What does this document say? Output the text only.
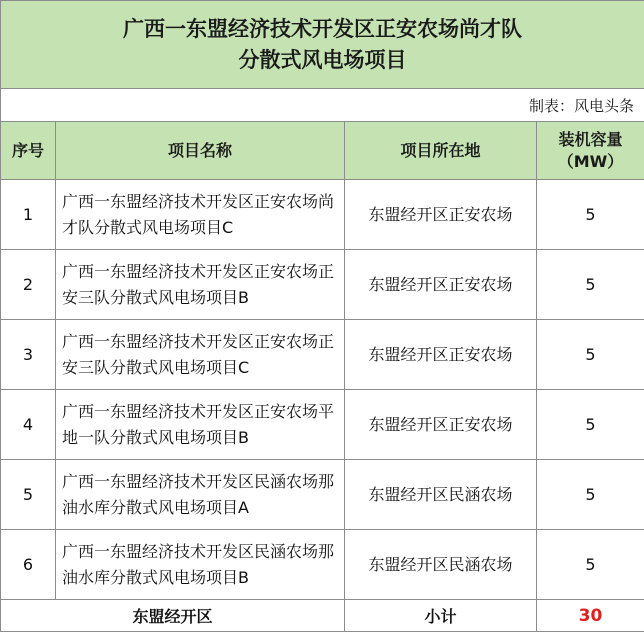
广西一东盟经济技术开发区正安农场尚才队
分散式风电场项目			

制表：风电头条			
序号	项目名称	项目所在地	装机容量
（MW）
1	广西一东盟经济技术开发区正安农场尚才队分散式风电场项目C	东盟经开区正安农场	5
2	广西一东盟经济技术开发区正安农场正安三队分散式风电场项目B	东盟经开区正安农场	5
3	广西一东盟经济技术开发区正安农场正安三队分散式风电场项目C	东盟经开区正安农场	5
4	广西一东盟经济技术开发区正安农场平地一队分散式风电场项目B	东盟经开区正安农场	5
5	广西一东盟经济技术开发区民涵农场那油水库分散式风电场项目A	东盟经开区民涵农场	5
6	广西一东盟经济技术开发区民涵农场那油水库分散式风电场项目B	东盟经开区民涵农场	5
东盟经开区		小计	30
